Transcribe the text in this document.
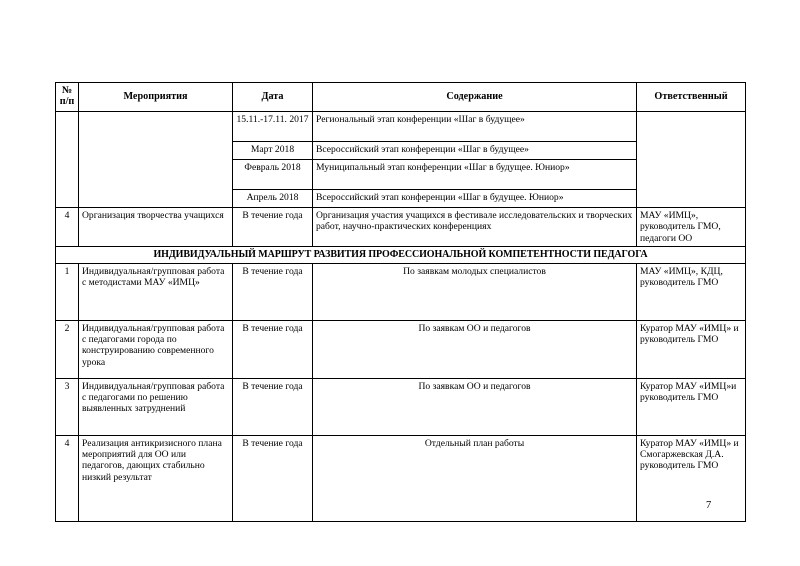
№
п/п	Мероприятия	Дата	Содержание	Ответственный
		15.11.-17.11. 2017	Региональный этап конференции «Шаг в будущее»	
		Март 2018	Всероссийский этап конференции «Шаг в будущее»	
		Февраль 2018	Муниципальный этап конференции «Шаг в будущее. Юниор»	
		Апрель 2018	Всероссийский этап конференции «Шаг в будущее. Юниор»	
4	Организация творчества учащихся	В течение года	Организация участия учащихся в фестивале исследовательских и творческих работ, научно-практических конференциях	МАУ «ИМЦ», руководитель ГМО, педагоги ОО
ИНДИВИДУАЛЬНЫЙ МАРШРУТ РАЗВИТИЯ ПРОФЕССИОНАЛЬНОЙ КОМПЕТЕНТНОСТИ ПЕДАГОГА				
1	Индивидуальная/групповая работа с методистами МАУ «ИМЦ»	В течение года	По заявкам молодых специалистов	МАУ «ИМЦ», КДЦ, руководитель ГМО
2	Индивидуальная/групповая работа с педагогами города по конструированию современного урока	В течение года	По заявкам ОО и педагогов	Куратор МАУ «ИМЦ» и руководитель ГМО
3	Индивидуальная/групповая работа с педагогами по решению выявленных затруднений	В течение года	По заявкам ОО и педагогов	Куратор МАУ «ИМЦ»и руководитель ГМО
4	Реализация антикризисного плана мероприятий для ОО или педагогов, дающих стабильно низкий результат	В течение года	Отдельный план работы	Куратор МАУ «ИМЦ» и Смогаржевская Д.А. руководитель ГМО
7
